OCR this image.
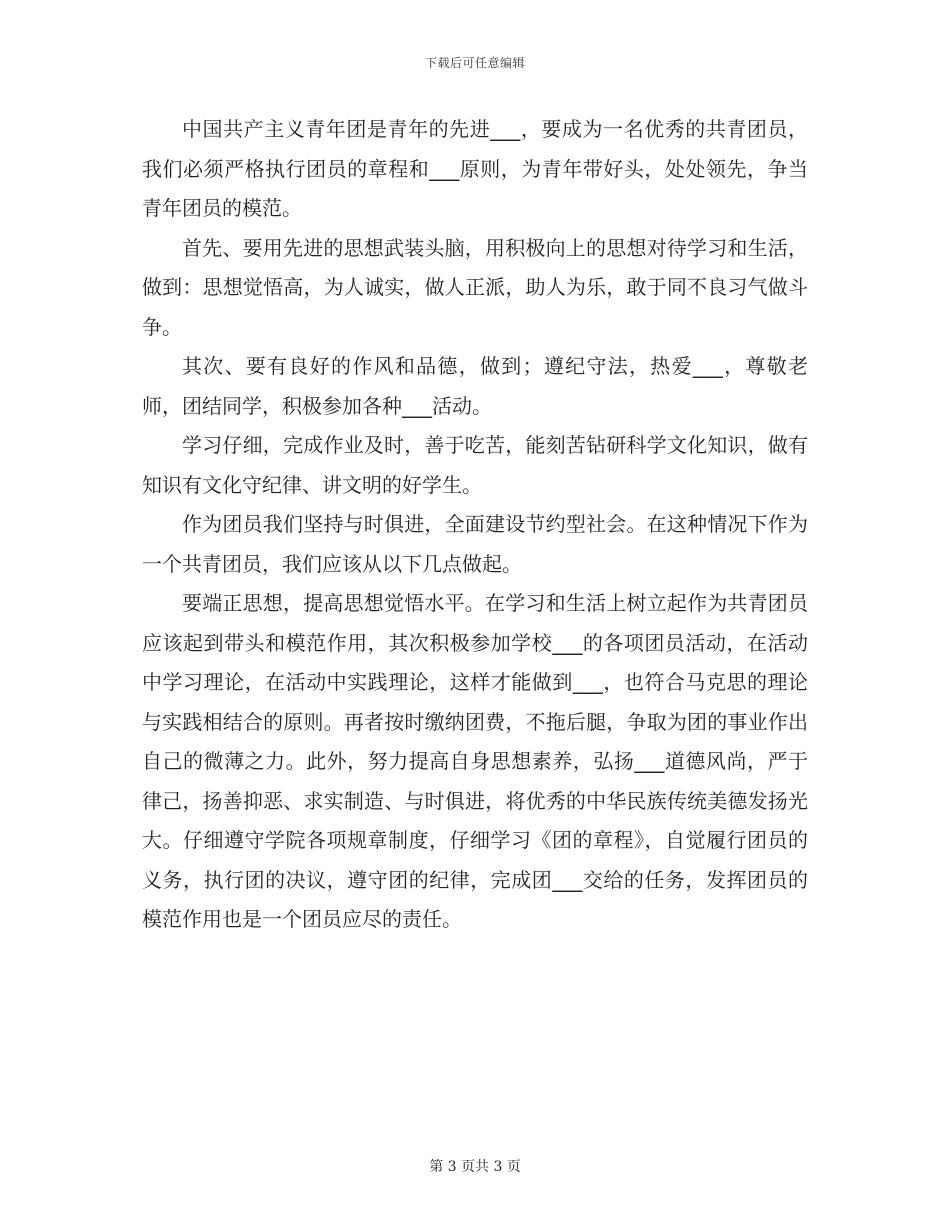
下载后可任意编辑

中国共产主义青年团是青年的先进___，要成为一名优秀的共青团员，我们必须严格执行团员的章程和___原则，为青年带好头，处处领先，争当青年团员的模范。

首先、要用先进的思想武装头脑，用积极向上的思想对待学习和生活，做到：思想觉悟高，为人诚实，做人正派，助人为乐，敢于同不良习气做斗争。

其次、要有良好的作风和品德，做到；遵纪守法，热爱___，尊敬老师，团结同学，积极参加各种___活动。

学习仔细，完成作业及时，善于吃苦，能刻苦钻研科学文化知识，做有知识有文化守纪律、讲文明的好学生。

作为团员我们坚持与时俱进，全面建设节约型社会。在这种情况下作为一个共青团员，我们应该从以下几点做起。

要端正思想，提高思想觉悟水平。在学习和生活上树立起作为共青团员应该起到带头和模范作用，其次积极参加学校___的各项团员活动，在活动中学习理论，在活动中实践理论，这样才能做到___，也符合马克思的理论与实践相结合的原则。再者按时缴纳团费，不拖后腿，争取为团的事业作出自己的微薄之力。此外，努力提高自身思想素养，弘扬___道德风尚，严于律己，扬善抑恶、求实制造、与时俱进，将优秀的中华民族传统美德发扬光大。仔细遵守学院各项规章制度，仔细学习《团的章程》，自觉履行团员的义务，执行团的决议，遵守团的纪律，完成团___交给的任务，发挥团员的模范作用也是一个团员应尽的责任。

第 3 页共 3 页
